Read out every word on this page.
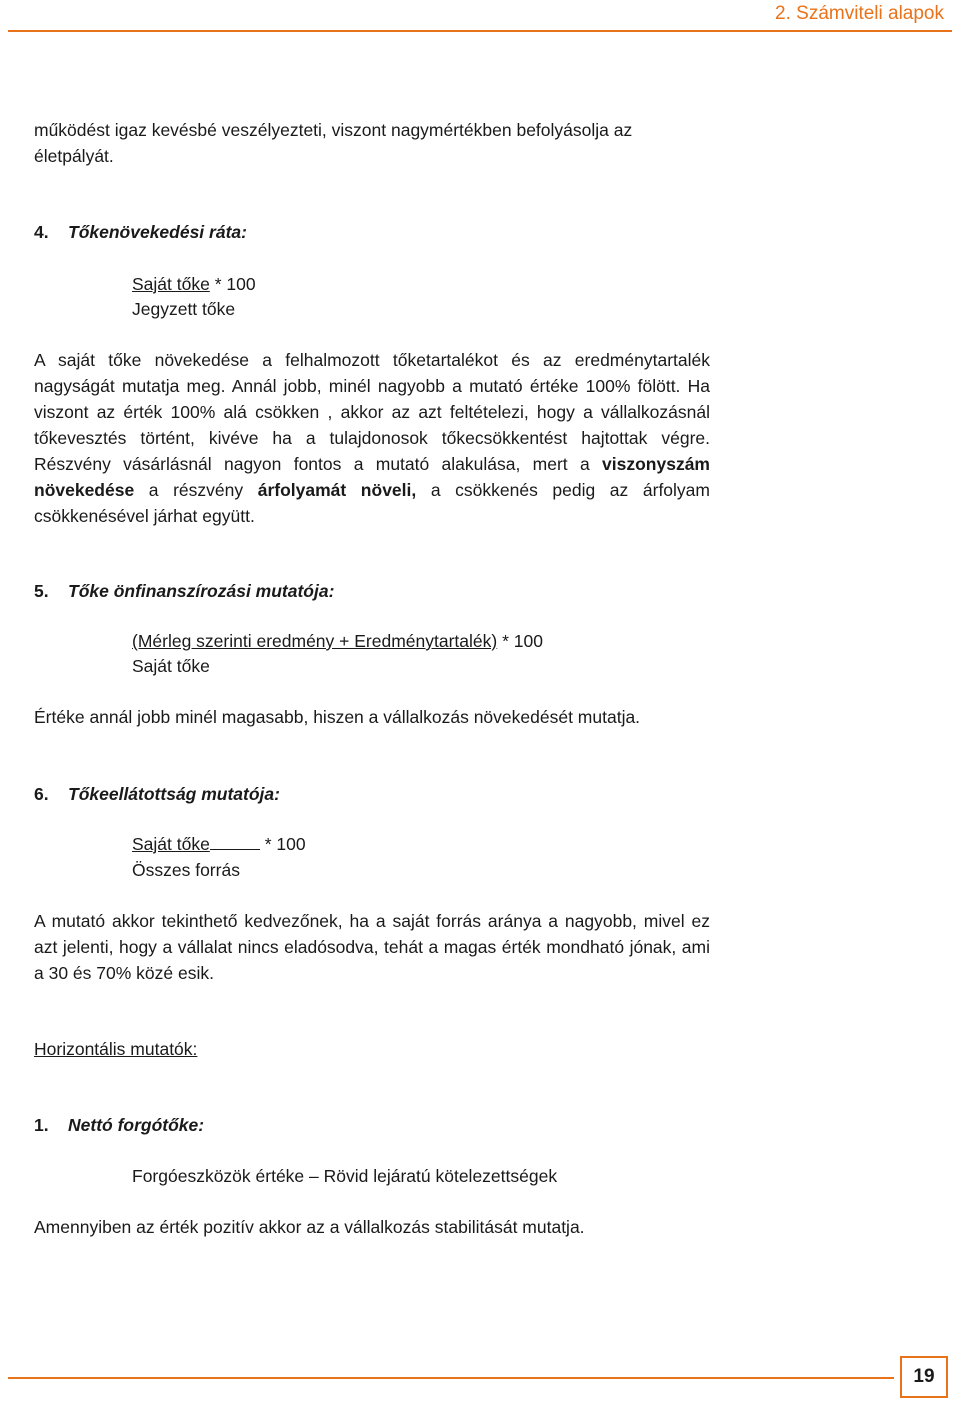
2. Számviteli alapok
működést igaz kevésbé veszélyezteti, viszont nagymértékben befolyásolja az
életpályát.
4. Tőkenövekedési ráta:
Saját tőke * 100
Jegyzett tőke
A saját tőke növekedése a felhalmozott tőketartalékot és az eredménytartalék nagyságát mutatja meg. Annál jobb, minél nagyobb a mutató értéke 100% fölött. Ha viszont az érték 100% alá csökken , akkor az azt feltételezi, hogy a vállalkozásnál tőkevesztés történt, kivéve ha a tulajdonosok tőkecsökkentést hajtottak végre. Részvény vásárlásnál nagyon fontos a mutató alakulása, mert a viszonyszám növekedése a részvény árfolyamát növeli, a csökkenés pedig az árfolyam csökkenésével járhat együtt.
5. Tőke önfinanszírozási mutatója:
(Mérleg szerinti eredmény + Eredménytartalék) * 100
Saját tőke
Értéke annál jobb minél magasabb, hiszen a vállalkozás növekedését mutatja.
6. Tőkeellátottság mutatója:
Saját tőke	* 100
Összes forrás
A mutató akkor tekinthető kedvezőnek, ha a saját forrás aránya a nagyobb, mivel ez azt jelenti, hogy a vállalat nincs eladósodva, tehát a magas érték mondható jónak, ami a 30 és 70% közé esik.
Horizontális mutatók:
1. Nettó forgótőke:
Forgóeszközök értéke – Rövid lejáratú kötelezettségek
Amennyiben az érték pozitív akkor az a vállalkozás stabilitását mutatja.
19
